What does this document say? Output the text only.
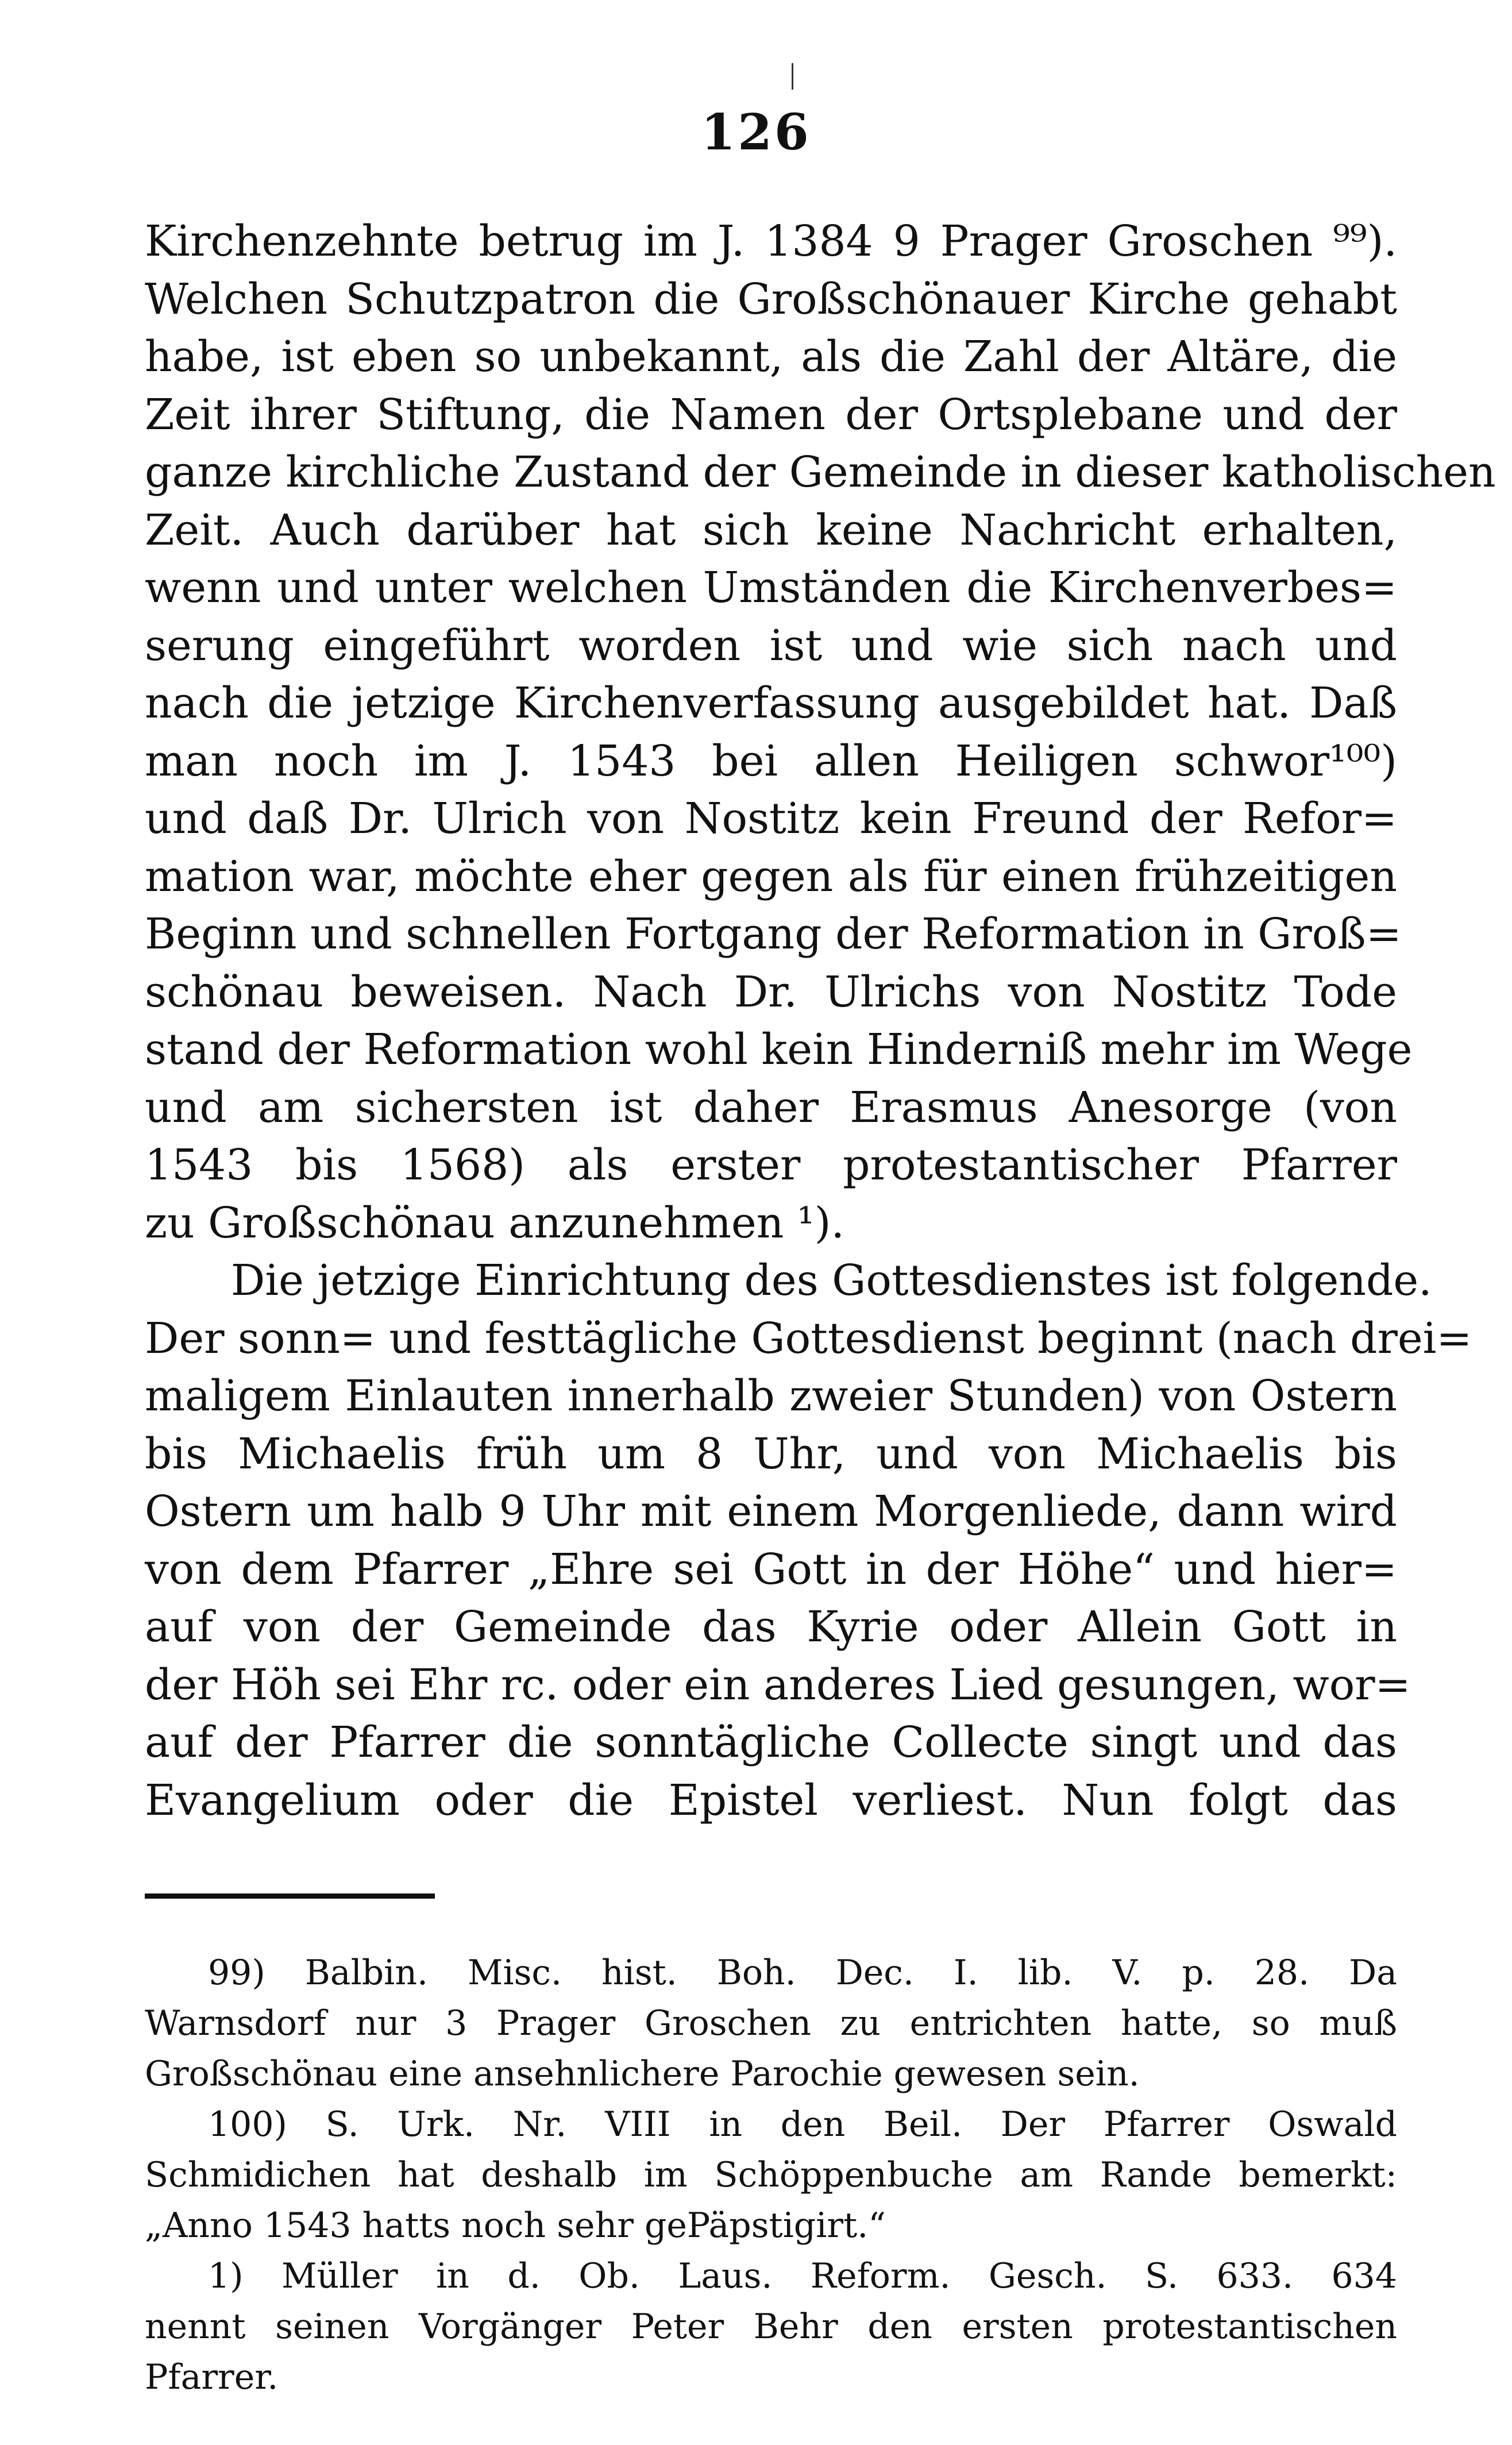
126
Kirchenzehnte betrug im J. 1384 9 Prager Groschen ⁹⁹).
Welchen Schutzpatron die Großschönauer Kirche gehabt
habe, ist eben so unbekannt, als die Zahl der Altäre, die
Zeit ihrer Stiftung, die Namen der Ortsplebane und der
ganze kirchliche Zustand der Gemeinde in dieser katholischen
Zeit. Auch darüber hat sich keine Nachricht erhalten,
wenn und unter welchen Umständen die Kirchenverbes=
serung eingeführt worden ist und wie sich nach und
nach die jetzige Kirchenverfassung ausgebildet hat. Daß
man noch im J. 1543 bei allen Heiligen schwor¹⁰⁰)
und daß Dr. Ulrich von Nostitz kein Freund der Refor=
mation war, möchte eher gegen als für einen frühzeitigen
Beginn und schnellen Fortgang der Reformation in Groß=
schönau beweisen. Nach Dr. Ulrichs von Nostitz Tode
stand der Reformation wohl kein Hinderniß mehr im Wege
und am sichersten ist daher Erasmus Anesorge (von
1543 bis 1568) als erster protestantischer Pfarrer
zu Großschönau anzunehmen ¹).
Die jetzige Einrichtung des Gottesdienstes ist folgende.
Der sonn= und festtägliche Gottesdienst beginnt (nach drei=
maligem Einlauten innerhalb zweier Stunden) von Ostern
bis Michaelis früh um 8 Uhr, und von Michaelis bis
Ostern um halb 9 Uhr mit einem Morgenliede, dann wird
von dem Pfarrer „Ehre sei Gott in der Höhe“ und hier=
auf von der Gemeinde das Kyrie oder Allein Gott in
der Höh sei Ehr rc. oder ein anderes Lied gesungen, wor=
auf der Pfarrer die sonntägliche Collecte singt und das
Evangelium oder die Epistel verliest. Nun folgt das
99) Balbin. Misc. hist. Boh. Dec. I. lib. V. p. 28. Da
Warnsdorf nur 3 Prager Groschen zu entrichten hatte, so muß
Großschönau eine ansehnlichere Parochie gewesen sein.
100) S. Urk. Nr. VIII in den Beil. Der Pfarrer Oswald
Schmidichen hat deshalb im Schöppenbuche am Rande bemerkt:
„Anno 1543 hatts noch sehr gePäpstigirt.“
1) Müller in d. Ob. Laus. Reform. Gesch. S. 633. 634
nennt seinen Vorgänger Peter Behr den ersten protestantischen
Pfarrer.
